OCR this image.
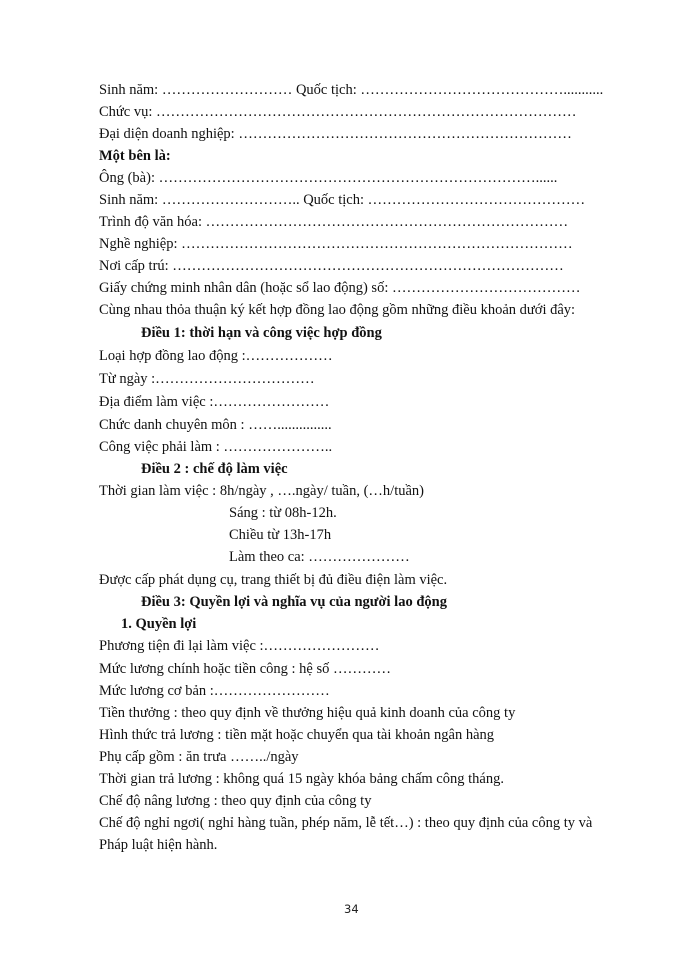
Sinh năm: ……………………… Quốc tịch: ……………………………………...........
Chức vụ: ……………………………………………………………………………
Đại diện doanh nghiệp: ……………………………………………………………
Một bên là:
Ông (bà): ……………………………………………………………………......
Sinh năm: ……………………….. Quốc tịch: ………………………………………
Trình độ văn hóa: …………………………………………………………………
Nghề nghiệp: ………………………………………………………………………
Nơi cấp trú: ………………………………………………………………………
Giấy chứng minh nhân dân (hoặc sổ lao động) số: …………………………………
Cùng nhau thỏa thuận ký kết hợp đồng lao động gồm những điều khoản dưới đây:
Điều 1: thời hạn và công việc hợp đồng
Loại hợp đồng lao động :………………
Từ ngày :……………………………
Địa điểm làm việc :……………………
Chức danh chuyên môn : ……...............
Công việc phải làm : …………………..
Điều 2 : chế độ làm việc
Thời gian làm việc : 8h/ngày , ….ngày/ tuần, (…h/tuần)
Sáng : từ 08h-12h.
Chiều từ 13h-17h
Làm theo ca: …………………
Được cấp phát dụng cụ, trang thiết bị đủ điều điện làm việc.
Điều 3: Quyền lợi và nghĩa vụ của người lao động
1. Quyền lợi
Phương tiện đi lại làm việc :……………………
Mức lương chính hoặc tiền công : hệ số …………
Mức lương cơ bản :……………………
Tiền thưởng : theo quy định về thưởng hiệu quả kinh doanh của công ty
Hình thức trả lương : tiền mặt hoặc chuyển qua tài khoản ngân hàng
Phụ cấp gồm : ăn trưa ……../ngày
Thời gian trả lương : không quá 15 ngày khóa bảng chấm công tháng.
Chế độ nâng lương : theo quy định của công ty
Chế độ nghỉ ngơi( nghỉ hàng tuần, phép năm, lễ tết…) : theo quy định của công ty và
Pháp luật hiện hành.
34
